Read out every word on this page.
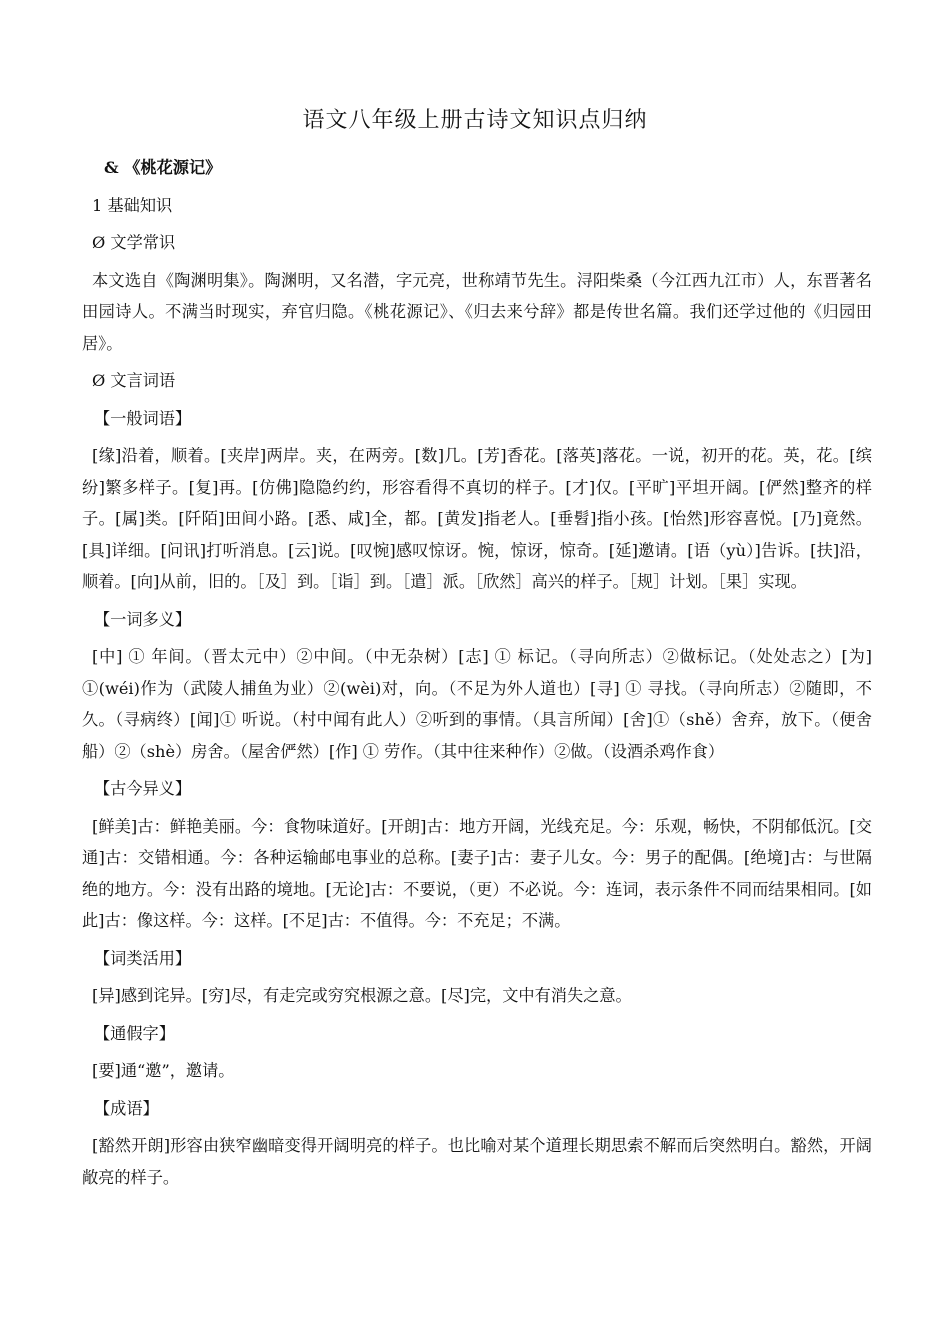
语文八年级上册古诗文知识点归纳
& 《桃花源记》
1 基础知识
Ø 文学常识
本文选自《陶渊明集》。陶渊明，又名潜，字元亮，世称靖节先生。浔阳柴桑（今江西九江市）人，东晋著名田园诗人。不满当时现实，弃官归隐。《桃花源记》、《归去来兮辞》都是传世名篇。我们还学过他的《归园田居》。
Ø 文言词语
【一般词语】
[缘]沿着，顺着。[夹岸]两岸。夹，在两旁。[数]几。[芳]香花。[落英]落花。一说，初开的花。英，花。[缤纷]繁多样子。[复]再。[仿佛]隐隐约约，形容看得不真切的样子。[才]仅。[平旷]平坦开阔。[俨然]整齐的样子。[属]类。[阡陌]田间小路。[悉、咸]全，都。[黄发]指老人。[垂髫]指小孩。[怡然]形容喜悦。[乃]竟然。[具]详细。[问讯]打听消息。[云]说。[叹惋]感叹惊讶。惋，惊讶，惊奇。[延]邀请。[语（yù）]告诉。[扶]沿，顺着。[向]从前，旧的。［及］到。［诣］到。［遣］派。［欣然］高兴的样子。［规］计划。［果］实现。
【一词多义】
[中] ① 年间。（晋太元中）②中间。（中无杂树）[志] ① 标记。（寻向所志）②做标记。（处处志之）[为] ①(wéi)作为（武陵人捕鱼为业）②(wèi)对，向。（不足为外人道也）[寻] ① 寻找。（寻向所志）②随即，不久。（寻病终）[闻]① 听说。（村中闻有此人）②听到的事情。（具言所闻）[舍]①（shě）舍弃，放下。（便舍船）②（shè）房舍。（屋舍俨然）[作] ① 劳作。（其中往来种作）②做。（设酒杀鸡作食）
【古今异义】
[鲜美]古：鲜艳美丽。今：食物味道好。[开朗]古：地方开阔，光线充足。今：乐观，畅快，不阴郁低沉。[交通]古：交错相通。今：各种运输邮电事业的总称。[妻子]古：妻子儿女。今：男子的配偶。[绝境]古：与世隔绝的地方。今：没有出路的境地。[无论]古：不要说，（更）不必说。今：连词，表示条件不同而结果相同。[如此]古：像这样。今：这样。[不足]古：不值得。今：不充足；不满。
【词类活用】
[异]感到诧异。[穷]尽，有走完或穷究根源之意。[尽]完，文中有消失之意。
【通假字】
[要]通“邀”，邀请。
【成语】
[豁然开朗]形容由狭窄幽暗变得开阔明亮的样子。也比喻对某个道理长期思索不解而后突然明白。豁然，开阔敞亮的样子。
